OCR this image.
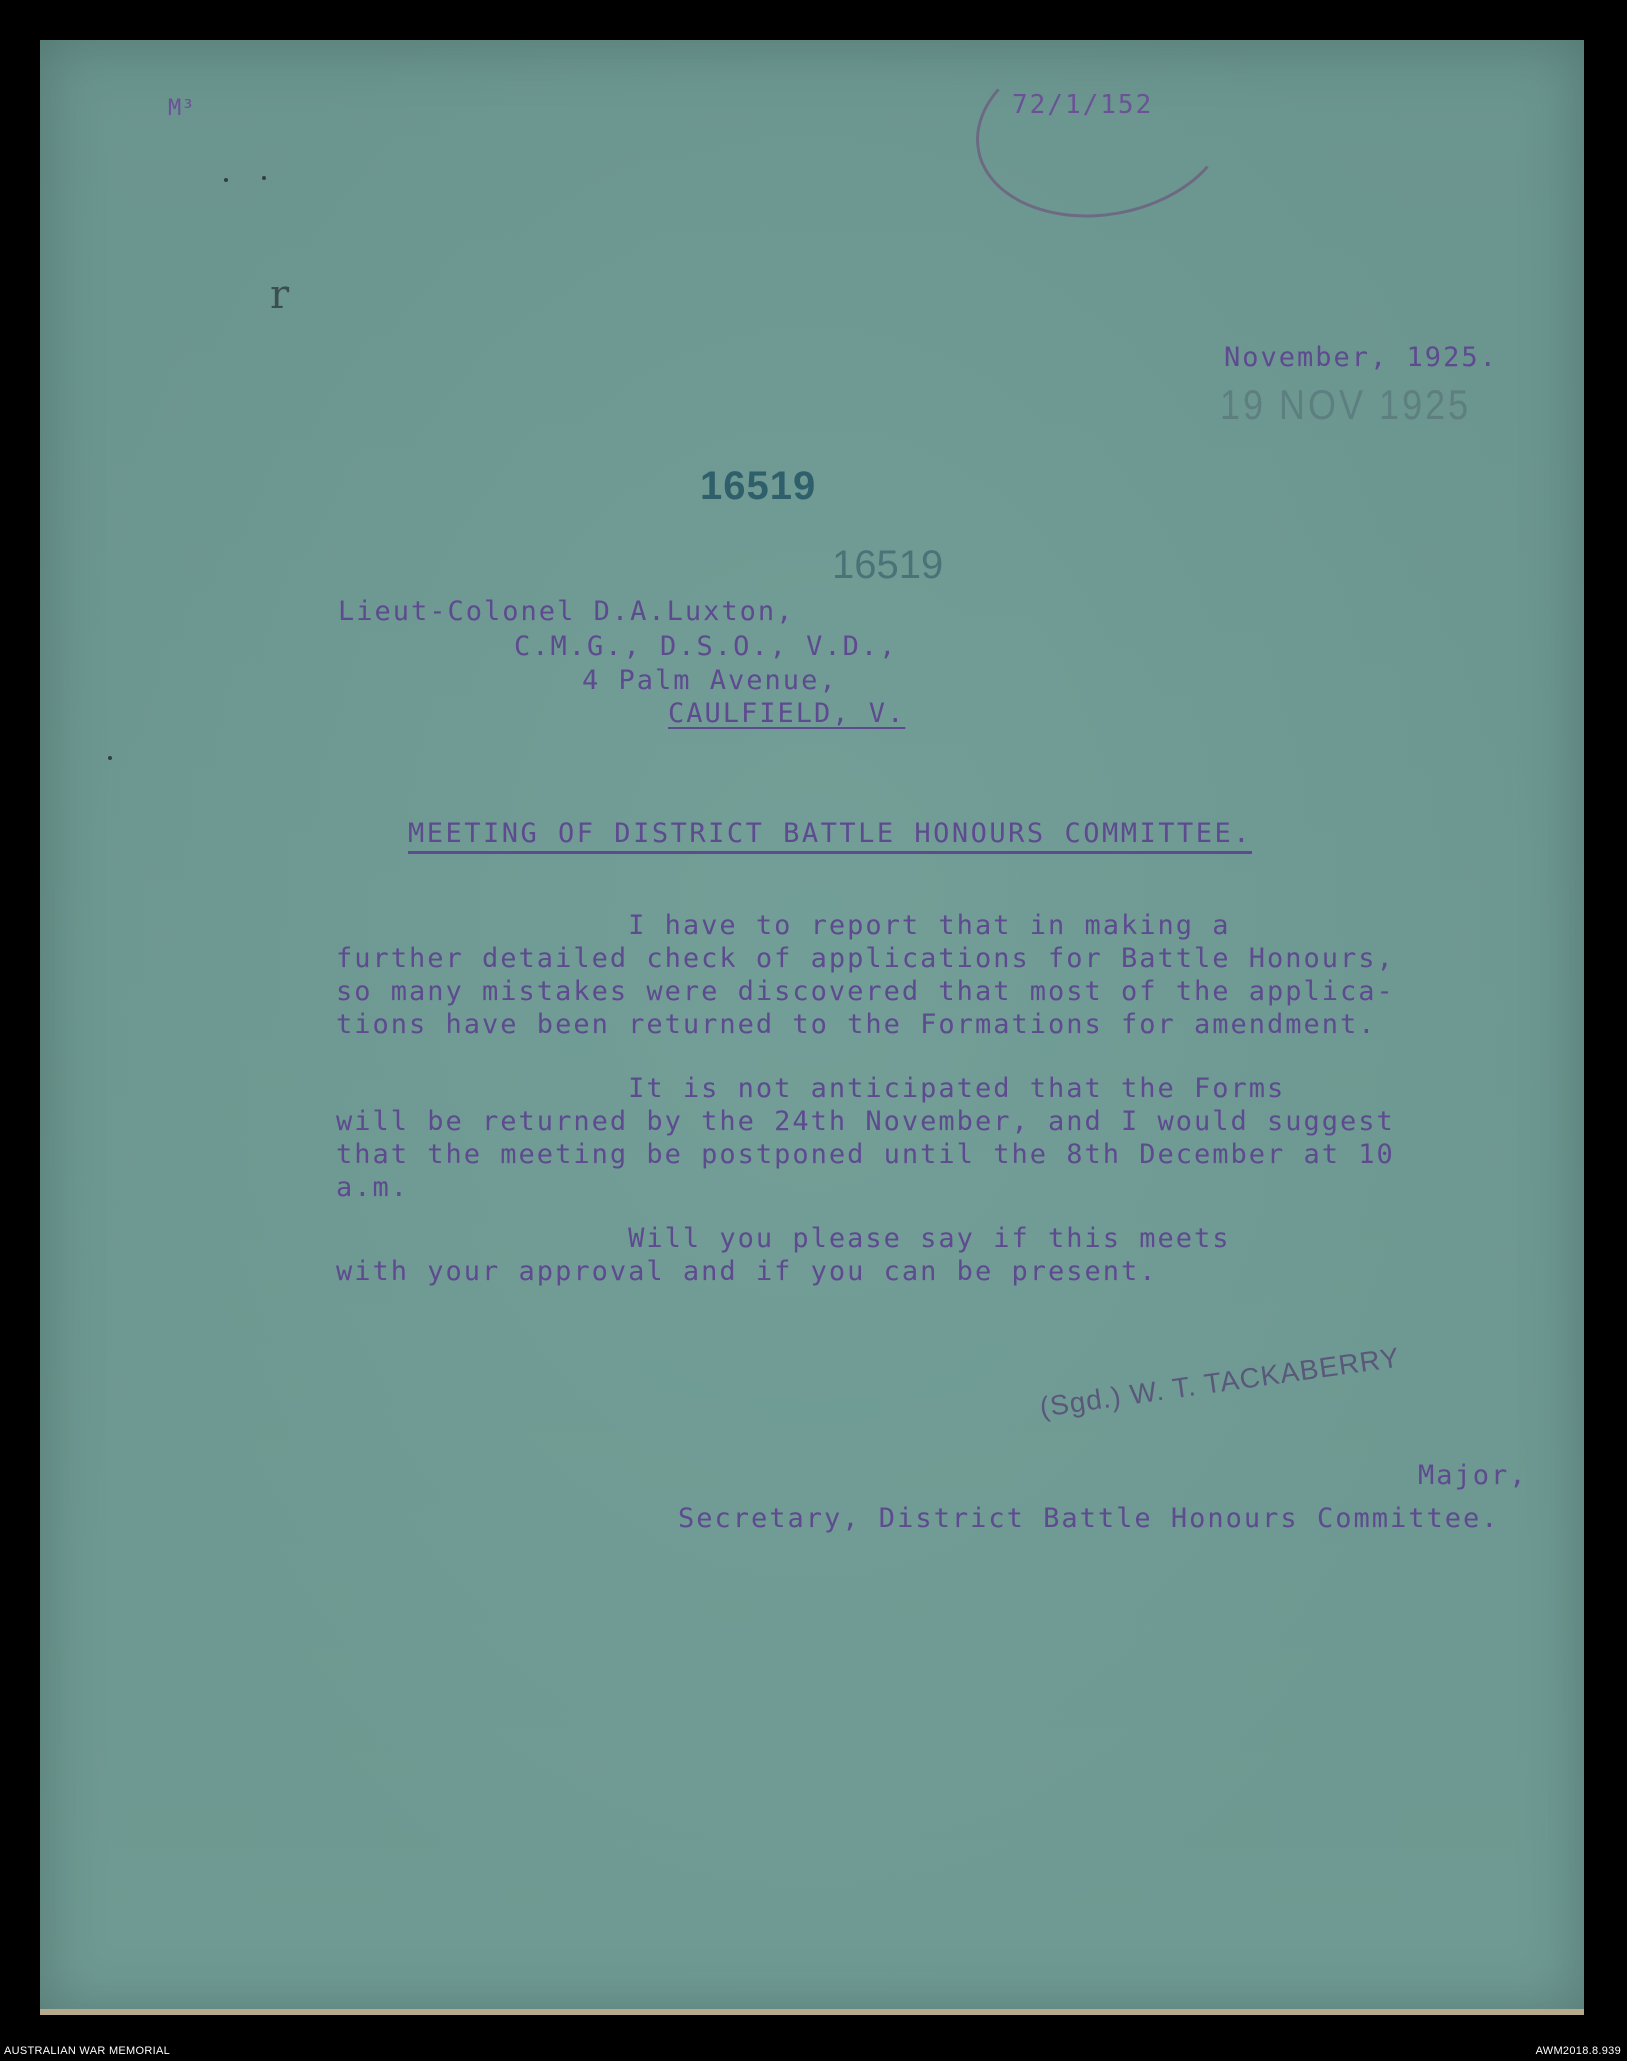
72/1/152
M³
r
November, 1925.
19 NOV 1925
16519
16519
Lieut-Colonel D.A.Luxton,
C.M.G., D.S.O., V.D.,
4 Palm Avenue,
CAULFIELD, V.
MEETING OF DISTRICT BATTLE HONOURS COMMITTEE.
I have to report that in making a
further detailed check of applications for Battle Honours,
so many mistakes were discovered that most of the applica-
tions have been returned to the Formations for amendment.
It is not anticipated that the Forms
will be returned by the 24th November, and I would suggest
that the meeting be postponed until the 8th December at 10
a.m.
Will you please say if this meets
with your approval and if you can be present.
(Sgd.) W. T. TACKABERRY
Major,
Secretary, District Battle Honours Committee.
AUSTRALIAN WAR MEMORIAL	AWM2018.8.939
